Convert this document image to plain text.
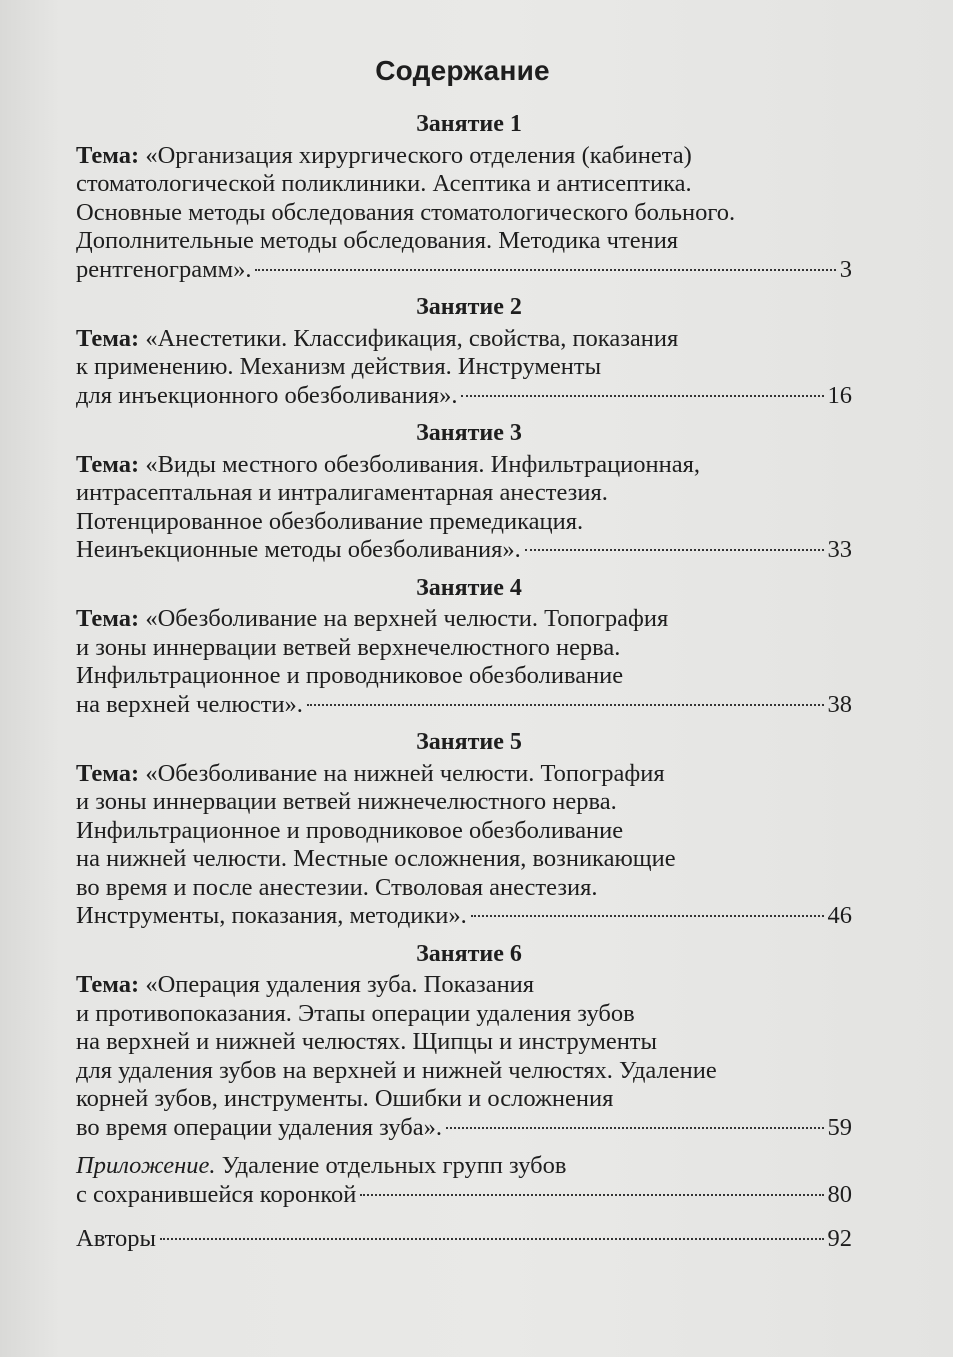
Содержание
Занятие 1
Тема: «Организация хирургического отделения (кабинета)
стоматологической поликлиники. Асептика и антисептика.
Основные методы обследования стоматологического больного.
Дополнительные методы обследования. Методика чтения
рентгенограмм».	3
Занятие 2
Тема: «Анестетики. Классификация, свойства, показания
к применению. Механизм действия. Инструменты
для инъекционного обезболивания».	16
Занятие 3
Тема: «Виды местного обезболивания. Инфильтрационная,
интрасептальная и интралигаментарная анестезия.
Потенцированное обезболивание премедикация.
Неинъекционные методы обезболивания».	33
Занятие 4
Тема: «Обезболивание на верхней челюсти. Топография
и зоны иннервации ветвей верхнечелюстного нерва.
Инфильтрационное и проводниковое обезболивание
на верхней челюсти».	38
Занятие 5
Тема: «Обезболивание на нижней челюсти. Топография
и зоны иннервации ветвей нижнечелюстного нерва.
Инфильтрационное и проводниковое обезболивание
на нижней челюсти. Местные осложнения, возникающие
во время и после анестезии. Стволовая анестезия.
Инструменты, показания, методики».	46
Занятие 6
Тема: «Операция удаления зуба. Показания
и противопоказания. Этапы операции удаления зубов
на верхней и нижней челюстях. Щипцы и инструменты
для удаления зубов на верхней и нижней челюстях. Удаление
корней зубов, инструменты. Ошибки и осложнения
во время операции удаления зуба».	59
Приложение. Удаление отдельных групп зубов
с сохранившейся коронкой	80
Авторы	92
